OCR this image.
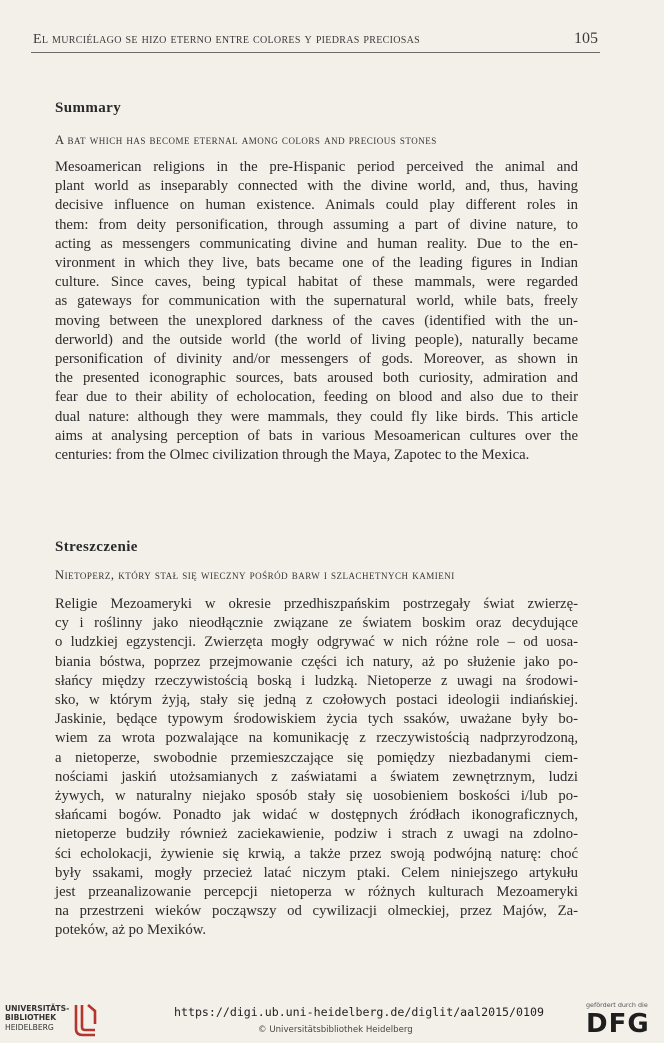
El murciélago se hizo eterno entre colores y piedras preciosas	105
Summary
A bat which has become eternal among colors and precious stones
Mesoamerican religions in the pre-Hispanic period perceived the animal and
plant world as inseparably connected with the divine world, and, thus, having
decisive influence on human existence. Animals could play different roles in
them: from deity personification, through assuming a part of divine nature, to
acting as messengers communicating divine and human reality. Due to the en-
vironment in which they live, bats became one of the leading figures in Indian
culture. Since caves, being typical habitat of these mammals, were regarded
as gateways for communication with the supernatural world, while bats, freely
moving between the unexplored darkness of the caves (identified with the un-
derworld) and the outside world (the world of living people), naturally became
personification of divinity and/or messengers of gods. Moreover, as shown in
the presented iconographic sources, bats aroused both curiosity, admiration and
fear due to their ability of echolocation, feeding on blood and also due to their
dual nature: although they were mammals, they could fly like birds. This article
aims at analysing perception of bats in various Mesoamerican cultures over the
centuries: from the Olmec civilization through the Maya, Zapotec to the Mexica.
Streszczenie
Nietoperz, który stał się wieczny pośród barw i szlachetnych kamieni
Religie Mezoameryki w okresie przedhiszpańskim postrzegały świat zwierzę-
cy i roślinny jako nieodłącznie związane ze światem boskim oraz decydujące
o ludzkiej egzystencji. Zwierzęta mogły odgrywać w nich różne role – od uosa-
biania bóstwa, poprzez przejmowanie części ich natury, aż po służenie jako po-
słańcy między rzeczywistością boską i ludzką. Nietoperze z uwagi na środowi-
sko, w którym żyją, stały się jedną z czołowych postaci ideologii indiańskiej.
Jaskinie, będące typowym środowiskiem życia tych ssaków, uważane były bo-
wiem za wrota pozwalające na komunikację z rzeczywistością nadprzyrodzoną,
a nietoperze, swobodnie przemieszczające się pomiędzy niezbadanymi ciem-
nościami jaskiń utożsamianych z zaświatami a światem zewnętrznym, ludzi
żywych, w naturalny niejako sposób stały się uosobieniem boskości i/lub po-
słańcami bogów. Ponadto jak widać w dostępnych źródłach ikonograficznych,
nietoperze budziły również zaciekawienie, podziw i strach z uwagi na zdolno-
ści echolokacji, żywienie się krwią, a także przez swoją podwójną naturę: choć
były ssakami, mogły przecież latać niczym ptaki. Celem niniejszego artykułu
jest przeanalizowanie percepcji nietoperza w różnych kulturach Mezoameryki
na przestrzeni wieków począwszy od cywilizacji olmeckiej, przez Majów, Za-
poteków, aż po Mexików.
UNIVERSITÄTS-
BIBLIOTHEK
HEIDELBERG
https://digi.ub.uni-heidelberg.de/diglit/aal2015/0109
© Universitätsbibliothek Heidelberg
gefördert durch die
DFG
